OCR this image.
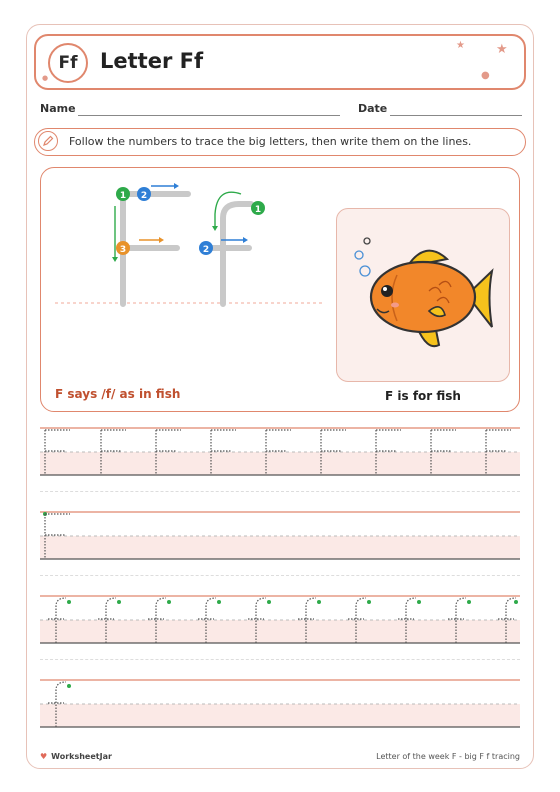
Ff	Letter Ff
★ ★
●
●
Name	Date
Follow the numbers to trace the big letters, then write them on the lines.
1 2
3
1
2
F says /f/ as in fish	F is for fish
♥ WorksheetJar	Letter of the week F - big F f tracing
